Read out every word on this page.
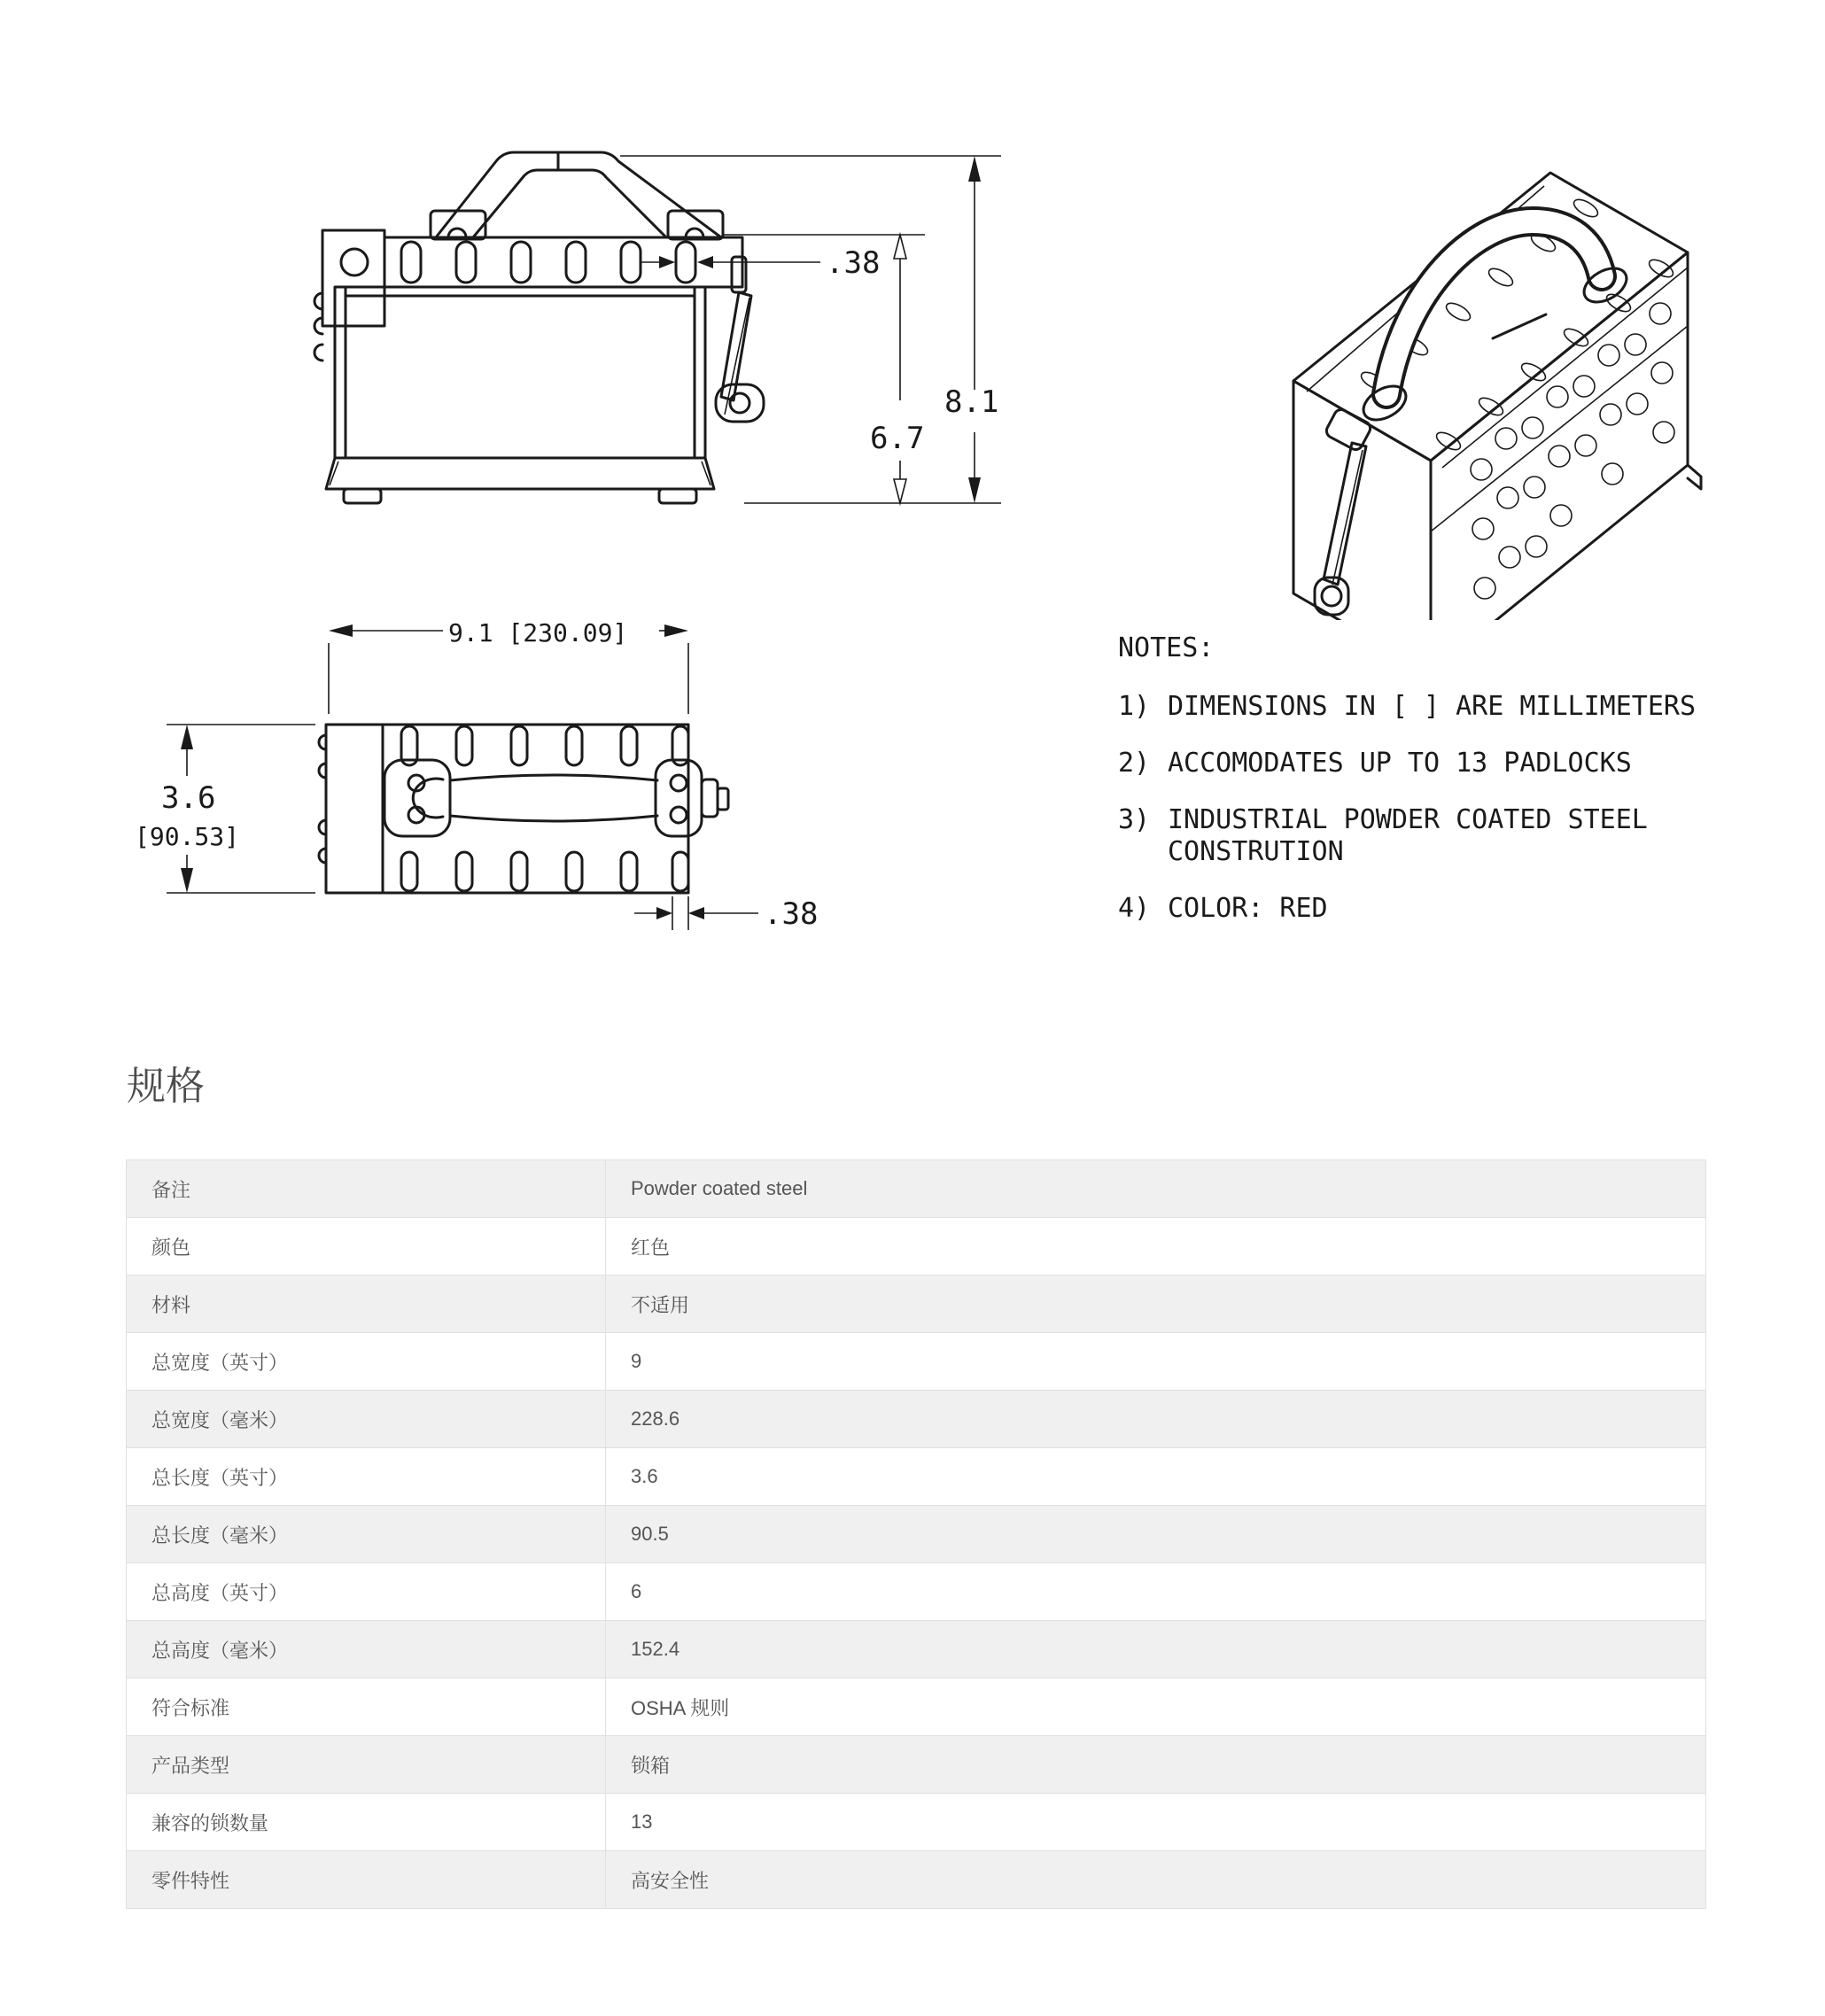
.38
6.7
8.1
9.1 [230.09]
3.6
[90.53]
.38
NOTES:
1) DIMENSIONS IN [ ] ARE MILLIMETERS
2) ACCOMODATES UP TO 13 PADLOCKS
3) INDUSTRIAL POWDER COATED STEEL
CONSTRUTION
4) COLOR: RED
规格
备注	Powder coated steel
颜色	红色
材料	不适用
总宽度（英寸）	9
总宽度（毫米）	228.6
总长度（英寸）	3.6
总长度（毫米）	90.5
总高度（英寸）	6
总高度（毫米）	152.4
符合标准	OSHA 规则
产品类型	锁箱
兼容的锁数量	13
零件特性	高安全性
